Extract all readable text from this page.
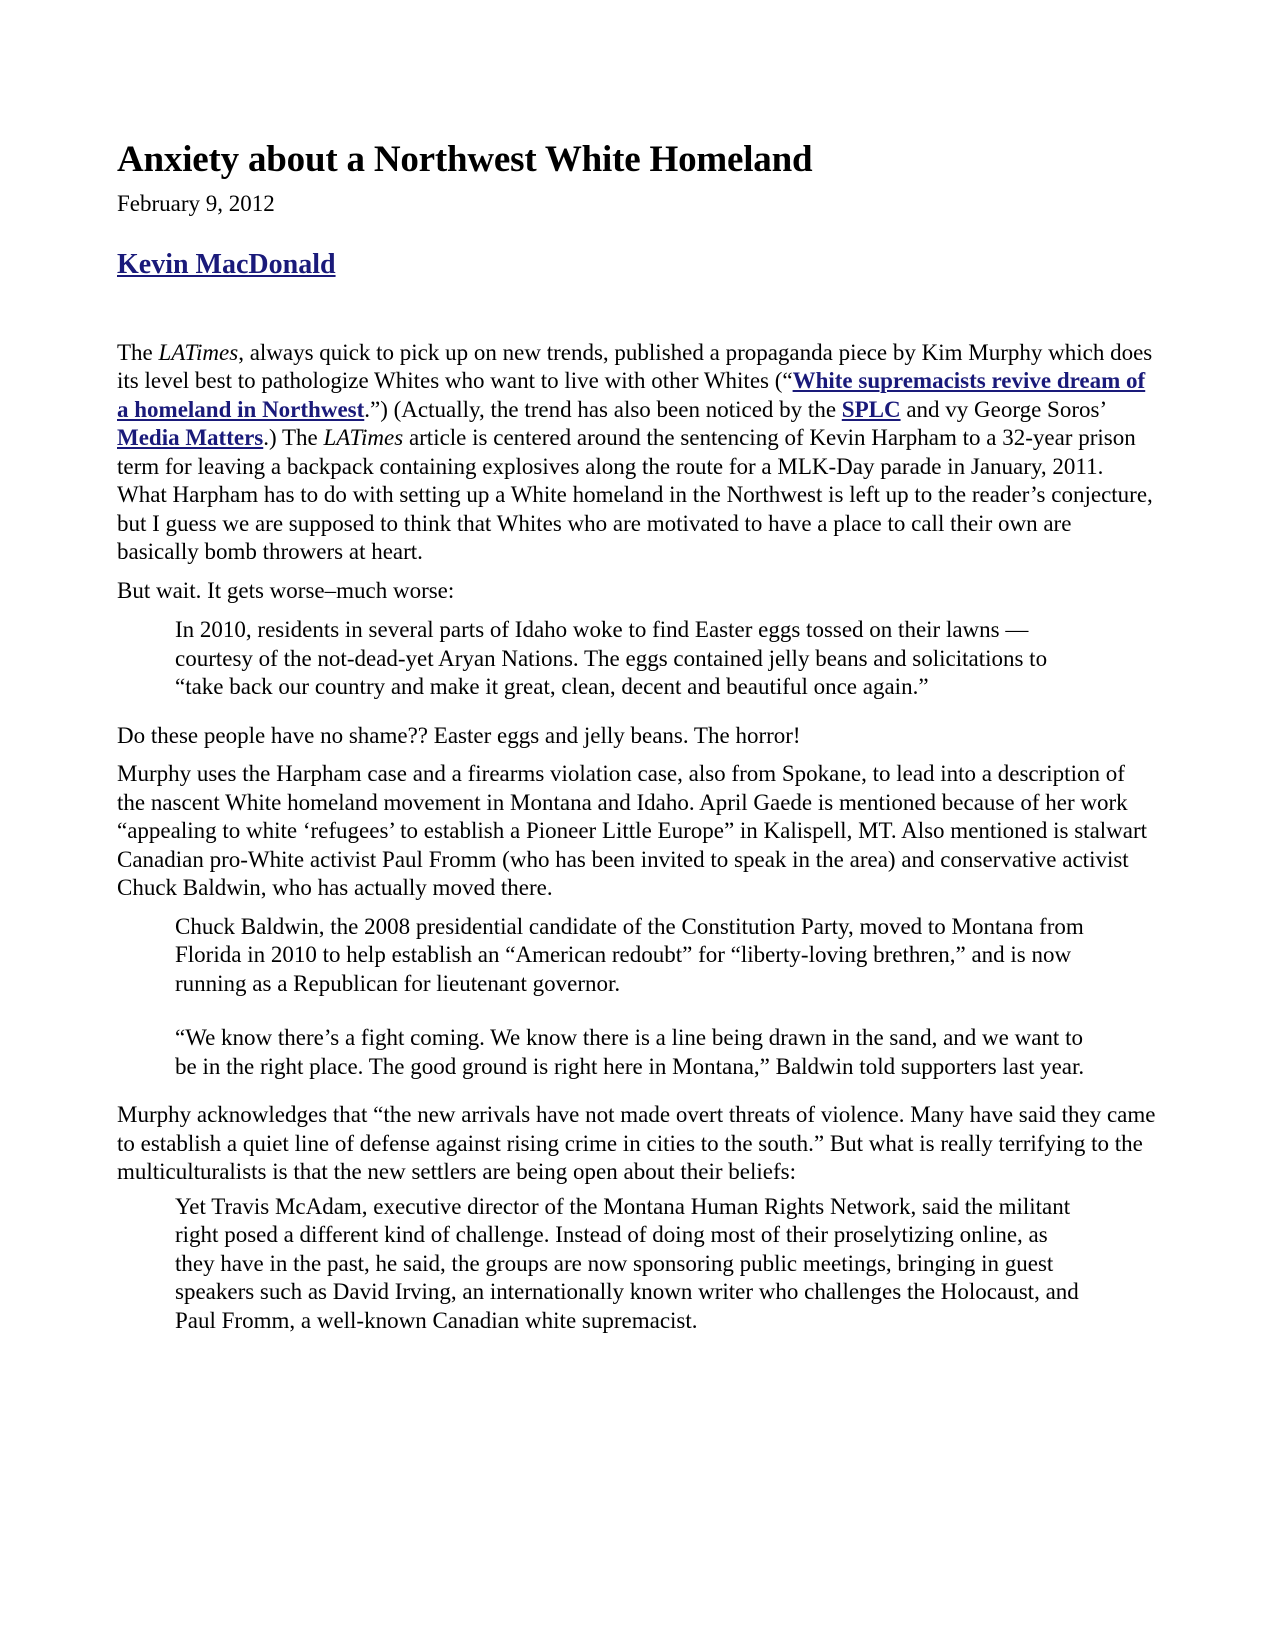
Anxiety about a Northwest White Homeland
February 9, 2012
Kevin MacDonald

The LATimes, always quick to pick up on new trends, published a propaganda piece by Kim Murphy which does its level best to pathologize Whites who want to live with other Whites (“White supremacists revive dream of a homeland in Northwest.”) (Actually, the trend has also been noticed by the SPLC and vy George Soros’ Media Matters.) The LATimes article is centered around the sentencing of Kevin Harpham to a 32-year prison term for leaving a backpack containing explosives along the route for a MLK-Day parade in January, 2011. What Harpham has to do with setting up a White homeland in the Northwest is left up to the reader’s conjecture, but I guess we are supposed to think that Whites who are motivated to have a place to call their own are basically bomb throwers at heart.

But wait. It gets worse–much worse:

In 2010, residents in several parts of Idaho woke to find Easter eggs tossed on their lawns — courtesy of the not-dead-yet Aryan Nations. The eggs contained jelly beans and solicitations to “take back our country and make it great, clean, decent and beautiful once again.”

Do these people have no shame?? Easter eggs and jelly beans. The horror!

Murphy uses the Harpham case and a firearms violation case, also from Spokane, to lead into a description of the nascent White homeland movement in Montana and Idaho. April Gaede is mentioned because of her work “appealing to white ‘refugees’ to establish a Pioneer Little Europe” in Kalispell, MT. Also mentioned is stalwart Canadian pro-White activist Paul Fromm (who has been invited to speak in the area) and conservative activist Chuck Baldwin, who has actually moved there.

Chuck Baldwin, the 2008 presidential candidate of the Constitution Party, moved to Montana from Florida in 2010 to help establish an “American redoubt” for “liberty-loving brethren,” and is now running as a Republican for lieutenant governor.

“We know there’s a fight coming. We know there is a line being drawn in the sand, and we want to be in the right place. The good ground is right here in Montana,” Baldwin told supporters last year.

Murphy acknowledges that “the new arrivals have not made overt threats of violence. Many have said they came to establish a quiet line of defense against rising crime in cities to the south.” But what is really terrifying to the multiculturalists is that the new settlers are being open about their beliefs:

Yet Travis McAdam, executive director of the Montana Human Rights Network, said the militant right posed a different kind of challenge. Instead of doing most of their proselytizing online, as they have in the past, he said, the groups are now sponsoring public meetings, bringing in guest speakers such as David Irving, an internationally known writer who challenges the Holocaust, and Paul Fromm, a well-known Canadian white supremacist.
